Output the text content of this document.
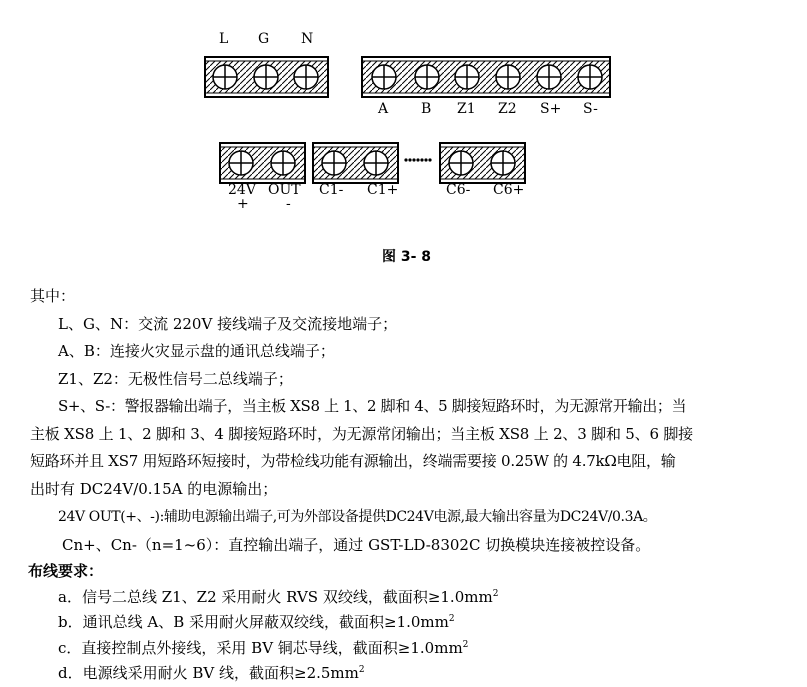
L G N
A B Z1 Z2 S+ S-
24V OUT C1- C1+	C6- C6+
+	-
图 3- 8
其中：
L、G、N：交流 220V 接线端子及交流接地端子；
A、B：连接火灾显示盘的通讯总线端子；
Z1、Z2：无极性信号二总线端子；
S+、S-：警报器输出端子，当主板 XS8 上 1、2 脚和 4、5 脚接短路环时，为无源常开输出；当
主板 XS8 上 1、2 脚和 3、4 脚接短路环时，为无源常闭输出；当主板 XS8 上 2、3 脚和 5、6 脚接
短路环并且 XS7 用短路环短接时，为带检线功能有源输出，终端需要接 0.25W 的 4.7kΩ电阻，输
出时有 DC24V/0.15A 的电源输出；
24V OUT(+、-):辅助电源输出端子,可为外部设备提供DC24V电源,最大输出容量为DC24V/0.3A。
Cn+、Cn-（n=1~6）：直控输出端子，通过 GST-LD-8302C 切换模块连接被控设备。
布线要求：
a．信号二总线 Z1、Z2 采用耐火 RVS 双绞线，截面积$\ge 1.0mm^2$
b．通讯总线 A、B 采用耐火屏蔽双绞线，截面积$\ge 1.0mm^2$
c．直接控制点外接线，采用 BV 铜芯导线，截面积$\ge 1.0mm^2$
d．电源线采用耐火 BV 线，截面积$\ge 2.5mm^2$
